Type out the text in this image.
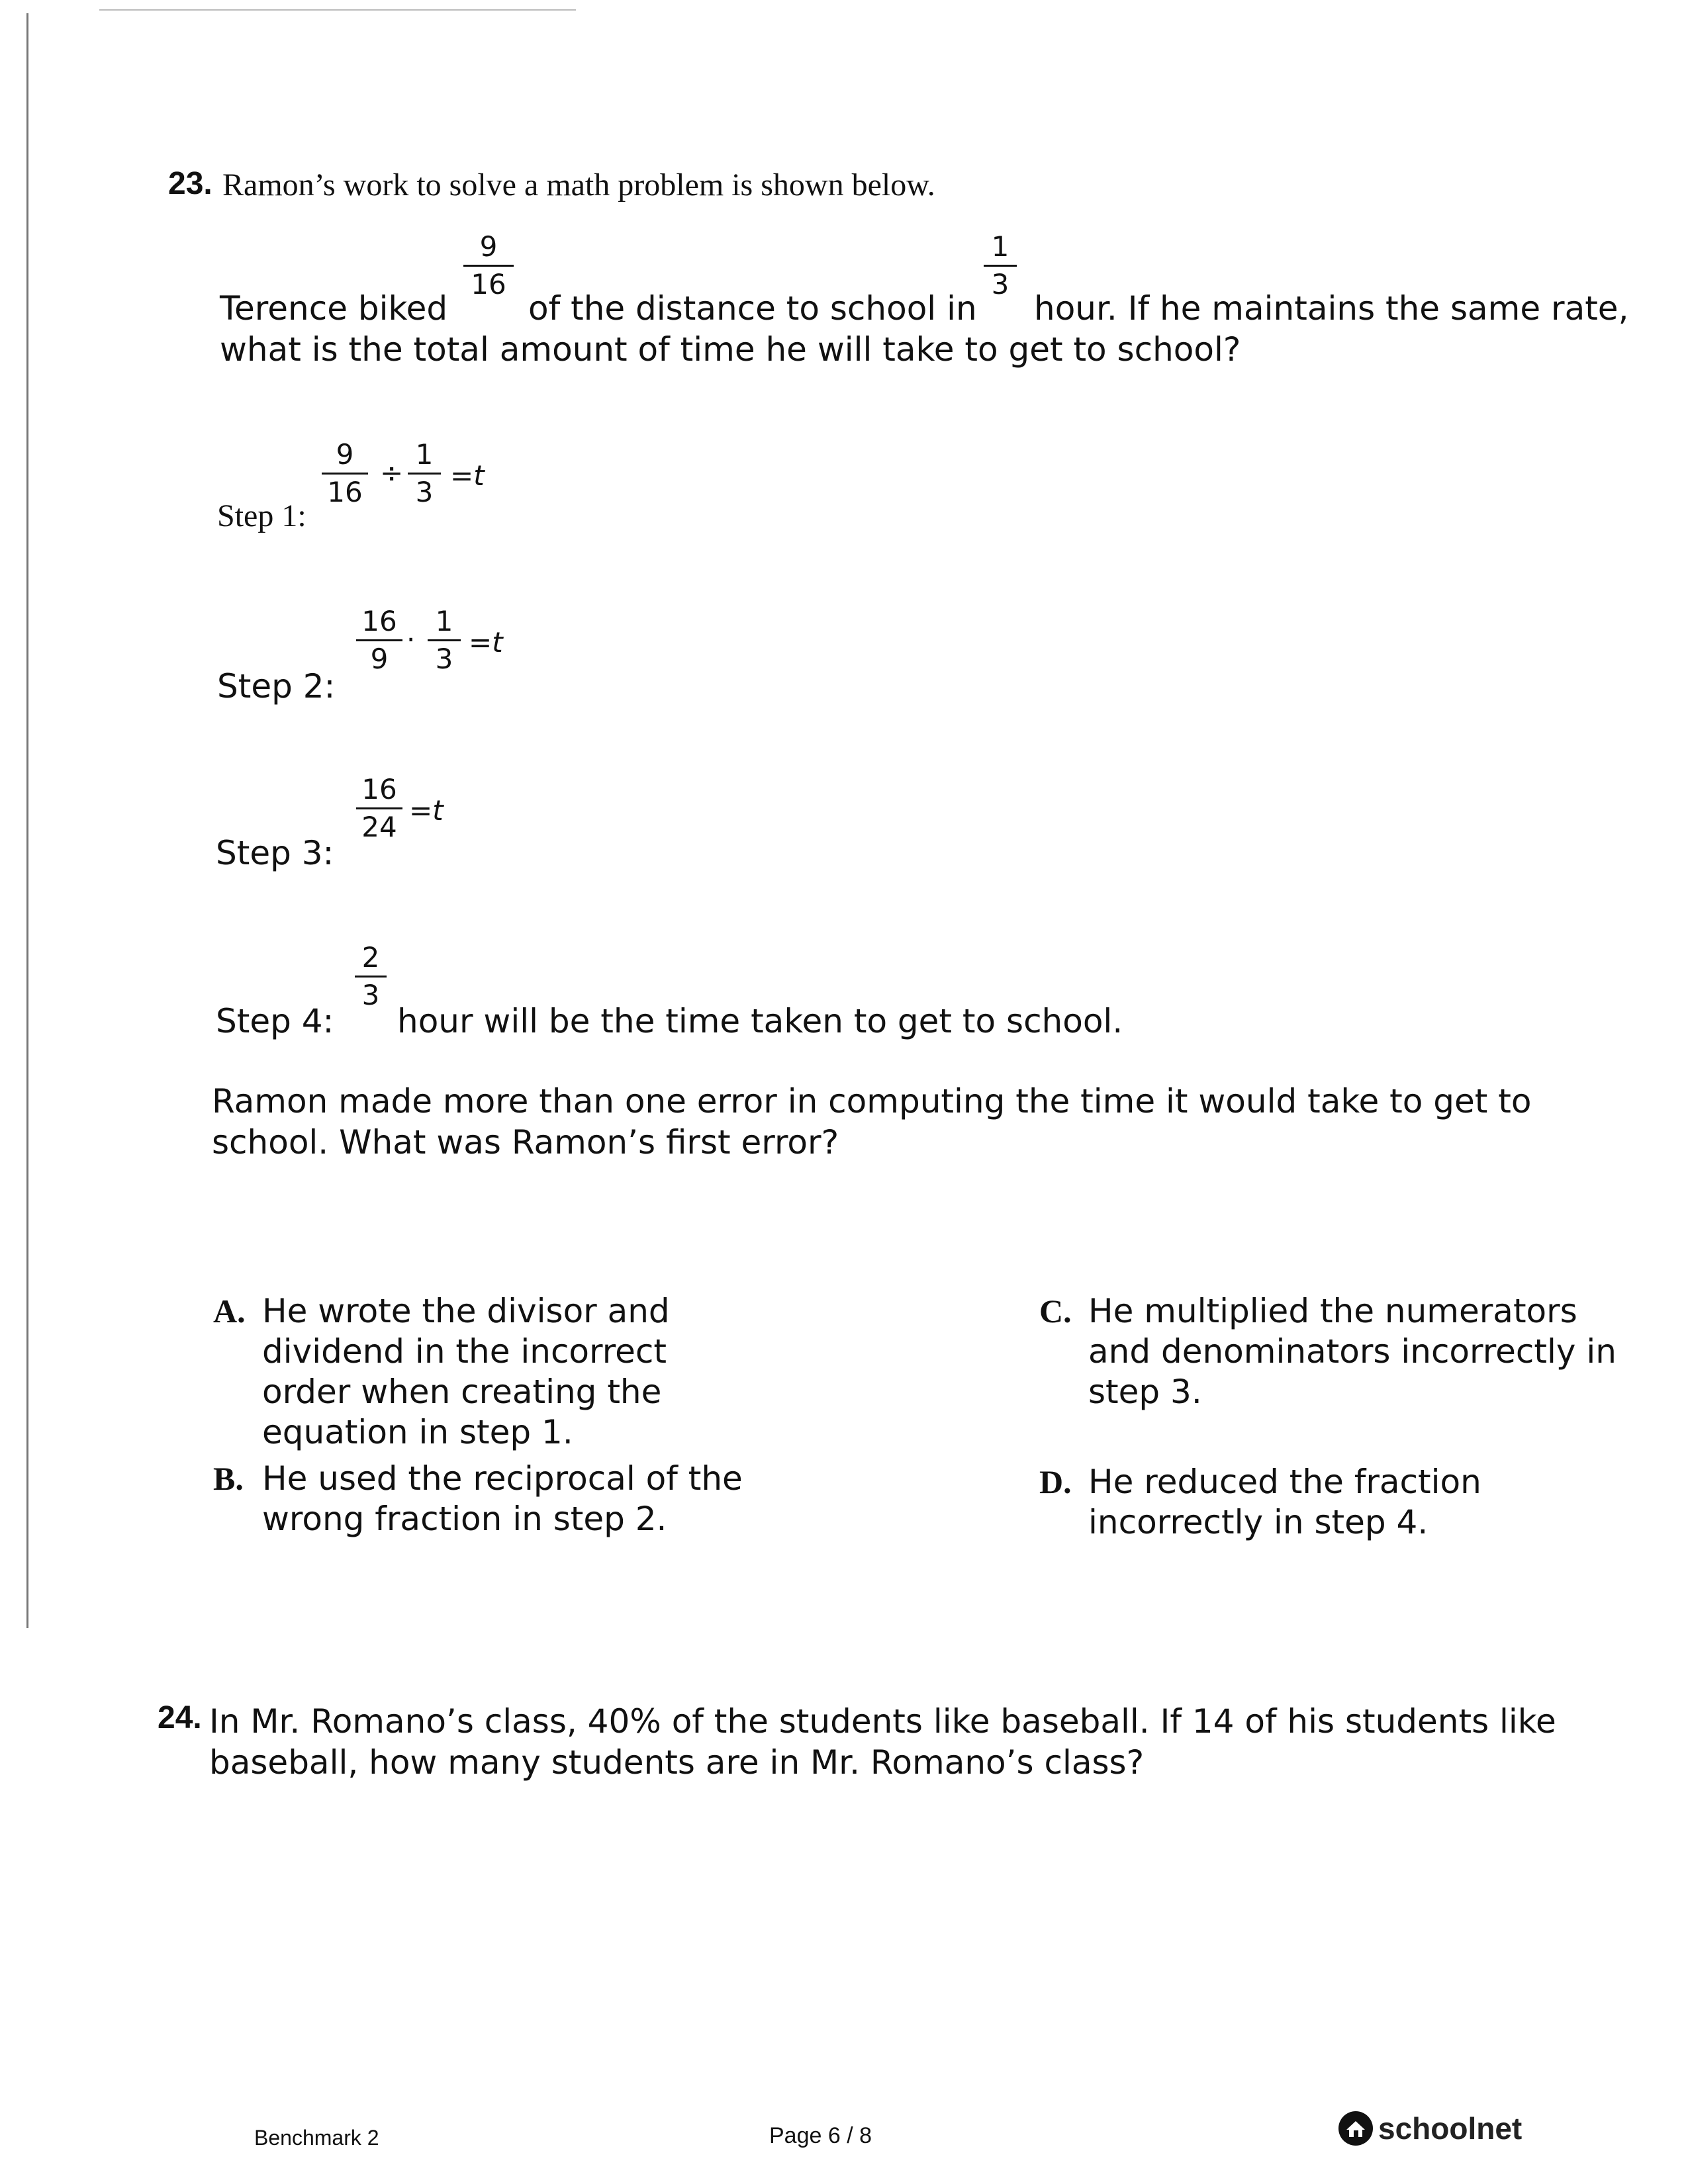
23. Ramon’s work to solve a math problem is shown below.
Terence biked
9
16
of the distance to school in
1
3
hour. If he maintains the same rate,
what is the total amount of time he will take to get to school?
Step 1:
9
16
÷
1
3
=t
Step 2:
16
9
·
1
3
=t
Step 3:
16
24
=t
Step 4:
2
3
hour will be the time taken to get to school.
Ramon made more than one error in computing the time it would take to get to
school. What was Ramon’s first error?
A. He wrote the divisor and
dividend in the incorrect
order when creating the
equation in step 1.
B. He used the reciprocal of the
wrong fraction in step 2.
C. He multiplied the numerators
and denominators incorrectly in
step 3.
D. He reduced the fraction
incorrectly in step 4.
24. In Mr. Romano’s class, 40% of the students like baseball. If 14 of his students like
baseball, how many students are in Mr. Romano’s class?
Benchmark 2	Page 6 / 8	schoolnet
